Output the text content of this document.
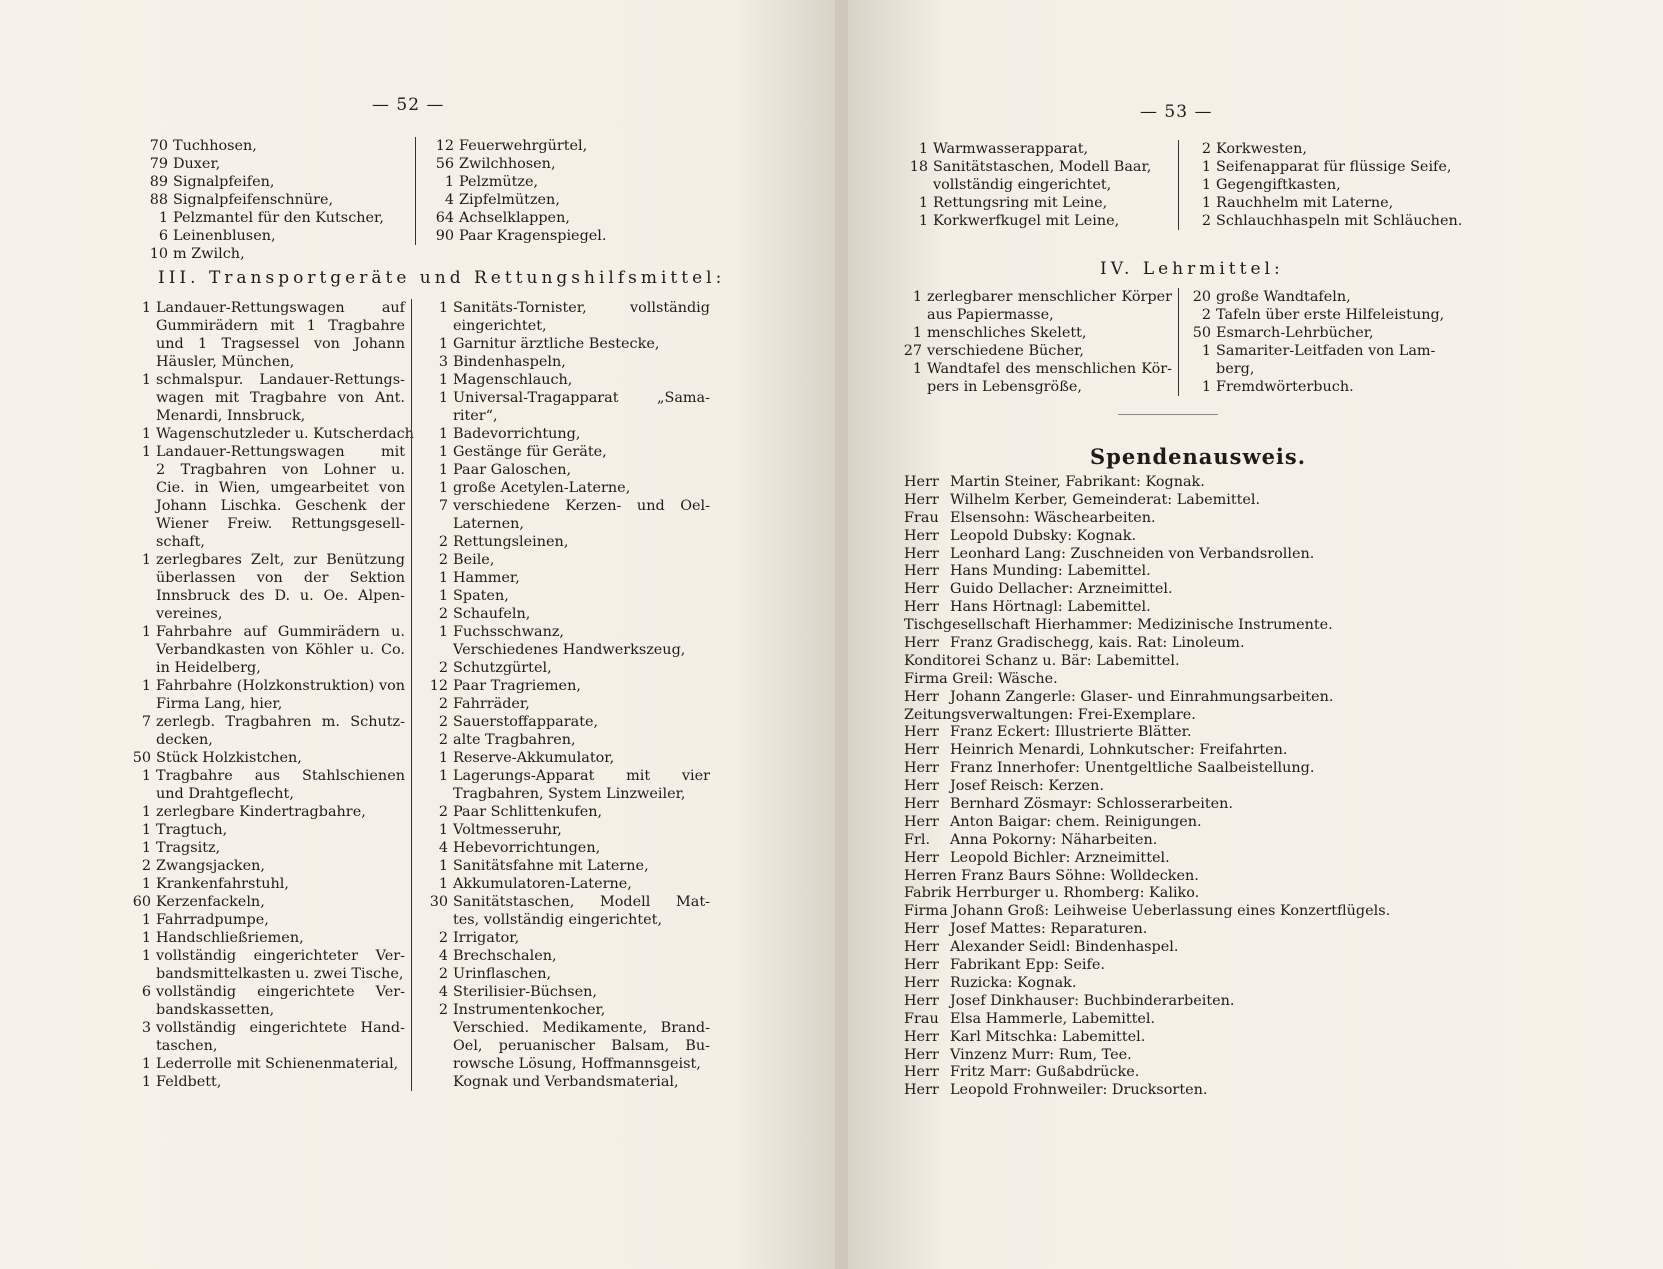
— 52 —
70 Tuchhosen,
79 Duxer,
89 Signalpfeifen,
88 Signalpfeifenschnüre,
1 Pelzmantel für den Kutscher,
6 Leinenblusen,
10 m Zwilch,
12 Feuerwehrgürtel,
56 Zwilchhosen,
1 Pelzmütze,
4 Zipfelmützen,
64 Achselklappen,
90 Paar Kragenspiegel.
III. Transportgeräte und Rettungshilfsmittel:
1 Landauer-Rettungswagen auf
Gummirädern mit 1 Tragbahre
und 1 Tragsessel von Johann
Häusler, München,
1 schmalspur. Landauer-Rettungs-
wagen mit Tragbahre von Ant.
Menardi, Innsbruck,
1 Wagenschutzleder u. Kutscherdach
1 Landauer-Rettungswagen mit
2 Tragbahren von Lohner u.
Cie. in Wien, umgearbeitet von
Johann Lischka. Geschenk der
Wiener Freiw. Rettungsgesell-
schaft,
1 zerlegbares Zelt, zur Benützung
überlassen von der Sektion
Innsbruck des D. u. Oe. Alpen-
vereines,
1 Fahrbahre auf Gummirädern u.
Verbandkasten von Köhler u. Co.
in Heidelberg,
1 Fahrbahre (Holzkonstruktion) von
Firma Lang, hier,
7 zerlegb. Tragbahren m. Schutz-
decken,
50 Stück Holzkistchen,
1 Tragbahre aus Stahlschienen
und Drahtgeflecht,
1 zerlegbare Kindertragbahre,
1 Tragtuch,
1 Tragsitz,
2 Zwangsjacken,
1 Krankenfahrstuhl,
60 Kerzenfackeln,
1 Fahrradpumpe,
1 Handschließriemen,
1 vollständig eingerichteter Ver-
bandsmittelkasten u. zwei Tische,
6 vollständig eingerichtete Ver-
bandskassetten,
3 vollständig eingerichtete Hand-
taschen,
1 Lederrolle mit Schienenmaterial,
1 Feldbett,
1 Sanitäts-Tornister, vollständig
eingerichtet,
1 Garnitur ärztliche Bestecke,
3 Bindenhaspeln,
1 Magenschlauch,
1 Universal-Tragapparat „Sama-
riter“,
1 Badevorrichtung,
1 Gestänge für Geräte,
1 Paar Galoschen,
1 große Acetylen-Laterne,
7 verschiedene Kerzen- und Oel-
Laternen,
2 Rettungsleinen,
2 Beile,
1 Hammer,
1 Spaten,
2 Schaufeln,
1 Fuchsschwanz,
Verschiedenes Handwerkszeug,
2 Schutzgürtel,
12 Paar Tragriemen,
2 Fahrräder,
2 Sauerstoffapparate,
2 alte Tragbahren,
1 Reserve-Akkumulator,
1 Lagerungs-Apparat mit vier
Tragbahren, System Linzweiler,
2 Paar Schlittenkufen,
1 Voltmesseruhr,
4 Hebevorrichtungen,
1 Sanitätsfahne mit Laterne,
1 Akkumulatoren-Laterne,
30 Sanitätstaschen, Modell Mat-
tes, vollständig eingerichtet,
2 Irrigator,
4 Brechschalen,
2 Urinflaschen,
4 Sterilisier-Büchsen,
2 Instrumentenkocher,
Verschied. Medikamente, Brand-
Oel, peruanischer Balsam, Bu-
rowsche Lösung, Hoffmannsgeist,
Kognak und Verbandsmaterial,
— 53 —
1 Warmwasserapparat,
18 Sanitätstaschen, Modell Baar,
vollständig eingerichtet,
1 Rettungsring mit Leine,
1 Korkwerfkugel mit Leine,
2 Korkwesten,
1 Seifenapparat für flüssige Seife,
1 Gegengiftkasten,
1 Rauchhelm mit Laterne,
2 Schlauchhaspeln mit Schläuchen.
IV. Lehrmittel:
1 zerlegbarer menschlicher Körper
aus Papiermasse,
1 menschliches Skelett,
27 verschiedene Bücher,
1 Wandtafel des menschlichen Kör-
pers in Lebensgröße,
20 große Wandtafeln,
2 Tafeln über erste Hilfeleistung,
50 Esmarch-Lehrbücher,
1 Samariter-Leitfaden von Lam-
berg,
1 Fremdwörterbuch.
Spendenausweis.
Herr Martin Steiner, Fabrikant: Kognak.
Herr Wilhelm Kerber, Gemeinderat: Labemittel.
Frau Elsensohn: Wäschearbeiten.
Herr Leopold Dubsky: Kognak.
Herr Leonhard Lang: Zuschneiden von Verbandsrollen.
Herr Hans Munding: Labemittel.
Herr Guido Dellacher: Arzneimittel.
Herr Hans Hörtnagl: Labemittel.
Tischgesellschaft Hierhammer: Medizinische Instrumente.
Herr Franz Gradischegg, kais. Rat: Linoleum.
Konditorei Schanz u. Bär: Labemittel.
Firma Greil: Wäsche.
Herr Johann Zangerle: Glaser- und Einrahmungsarbeiten.
Zeitungsverwaltungen: Frei-Exemplare.
Herr Franz Eckert: Illustrierte Blätter.
Herr Heinrich Menardi, Lohnkutscher: Freifahrten.
Herr Franz Innerhofer: Unentgeltliche Saalbeistellung.
Herr Josef Reisch: Kerzen.
Herr Bernhard Zösmayr: Schlosserarbeiten.
Herr Anton Baigar: chem. Reinigungen.
Frl.	Anna Pokorny: Näharbeiten.
Herr Leopold Bichler: Arzneimittel.
Herren Franz Baurs Söhne: Wolldecken.
Fabrik Herrburger u. Rhomberg: Kaliko.
Firma Johann Groß: Leihweise Ueberlassung eines Konzertflügels.
Herr Josef Mattes: Reparaturen.
Herr Alexander Seidl: Bindenhaspel.
Herr Fabrikant Epp: Seife.
Herr Ruzicka: Kognak.
Herr Josef Dinkhauser: Buchbinderarbeiten.
Frau Elsa Hammerle, Labemittel.
Herr Karl Mitschka: Labemittel.
Herr Vinzenz Murr: Rum, Tee.
Herr Fritz Marr: Gußabdrücke.
Herr Leopold Frohnweiler: Drucksorten.
